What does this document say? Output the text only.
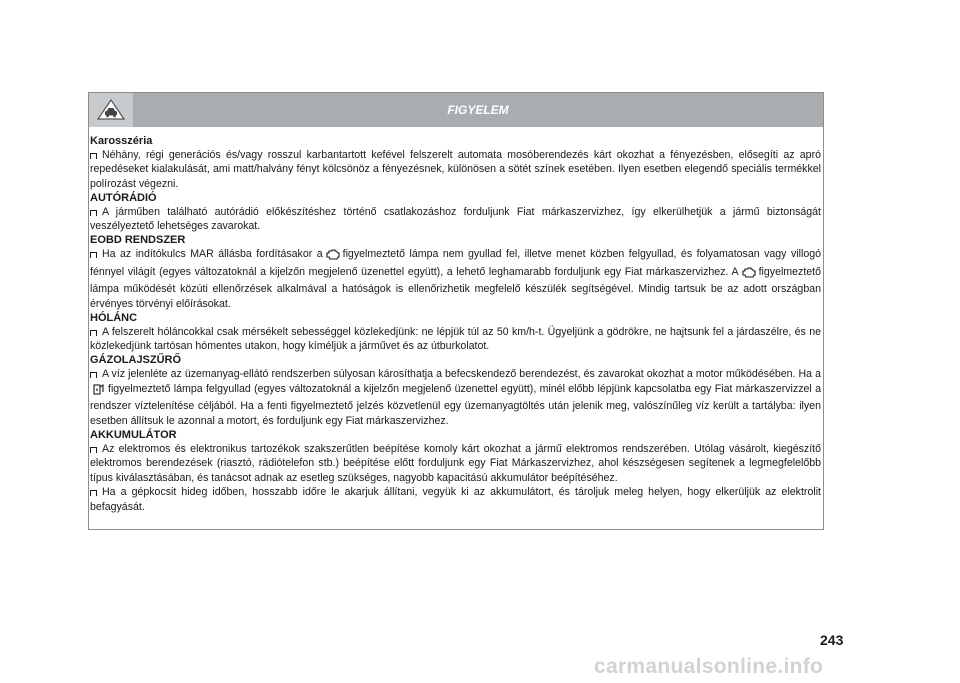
FIGYELEM
Karosszéria

Néhány, régi generációs és/vagy rosszul karbantartott kefével felszerelt automata mosóberendezés kárt okozhat a fényezésben, elősegíti az apró repedéseket kialakulását, ami matt/halvány fényt kölcsönöz a fényezésnek, különösen a sötét színek esetében. Ilyen esetben elegendő speciális termékkel polírozást végezni.

AUTÓRÁDIÓ

A járműben található autórádió előkészítéshez történő csatlakozáshoz forduljunk Fiat márkaszervizhez, így elkerülhetjük a jármű biztonságát veszélyeztető lehetséges zavarokat.

EOBD RENDSZER

Ha az indítókulcs MAR állásba fordításakor a figyelmeztető lámpa nem gyullad fel, illetve menet közben felgyullad, és folyamatosan vagy villogó fénnyel világít (egyes változatoknál a kijelzőn megjelenő üzenettel együtt), a lehető leghamarabb forduljunk egy Fiat márkaszervizhez. A figyelmeztető lámpa működését közúti ellenőrzések alkalmával a hatóságok is ellenőrizhetik megfelelő készülék segítségével. Mindig tartsuk be az adott országban érvényes törvényi előírásokat.

HÓLÁNC

A felszerelt hóláncokkal csak mérsékelt sebességgel közlekedjünk: ne lépjük túl az 50 km/h-t. Ügyeljünk a gödrökre, ne hajtsunk fel a járdaszélre, és ne közlekedjünk tartósan hómentes utakon, hogy kíméljük a járművet és az útburkolatot.

GÁZOLAJSZŰRŐ

A víz jelenléte az üzemanyag-ellátó rendszerben súlyosan károsíthatja a befecskendező berendezést, és zavarokat okozhat a motor működésében. Ha afigyelmeztető lámpa felgyullad (egyes változatoknál a kijelzőn megjelenő üzenettel együtt), minél előbb lépjünk kapcsolatba egy Fiat márkaszervizzel a rendszer víztelenítése céljából. Ha a fenti figyelmeztető jelzés közvetlenül egy üzemanyagtöltés után jelenik meg, valószínűleg víz került a tartályba: ilyen esetben állítsuk le azonnal a motort, és forduljunk egy Fiat márkaszervizhez.

AKKUMULÁTOR

Az elektromos és elektronikus tartozékok szakszerűtlen beépítése komoly kárt okozhat a jármű elektromos rendszerében. Utólag vásárolt, kiegészítő elektromos berendezések (riasztó, rádiótelefon stb.) beépítése előtt forduljunk egy Fiat Márkaszervizhez, ahol készségesen segítenek a legmegfelelőbb típus kiválasztásában, és tanácsot adnak az esetleg szükséges, nagyobb kapacitású akkumulátor beépítéséhez.

Ha a gépkocsit hideg időben, hosszabb időre le akarjuk állítani, vegyük ki az akkumulátort, és tároljuk meleg helyen, hogy elkerüljük az elektrolit befagyását.

243
carmanualsonline.info
